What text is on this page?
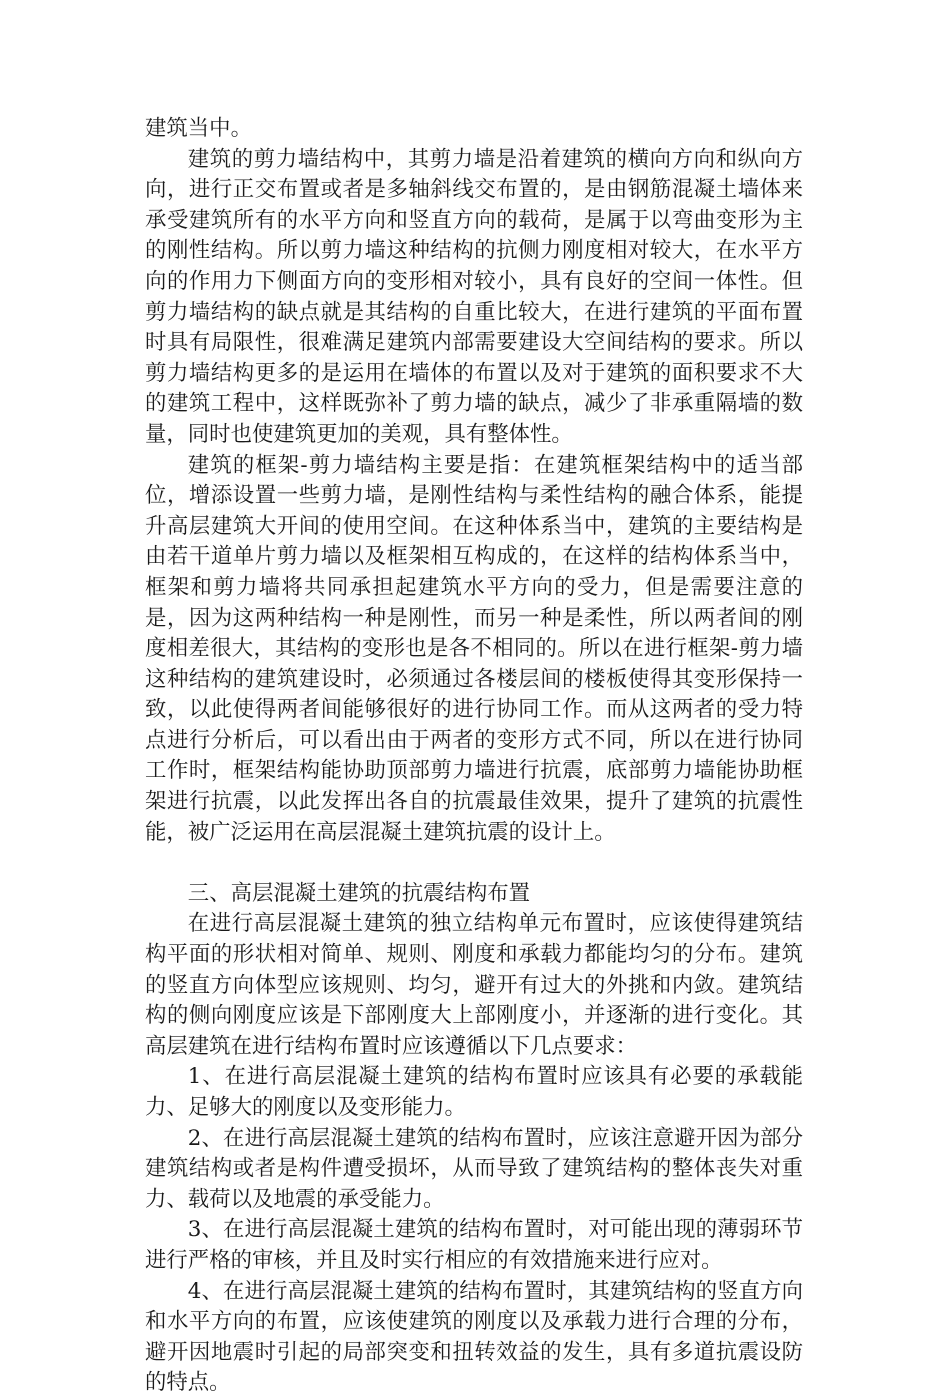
建筑当中。

建筑的剪力墙结构中，其剪力墙是沿着建筑的横向方向和纵向方向，进行正交布置或者是多轴斜线交布置的，是由钢筋混凝土墙体来承受建筑所有的水平方向和竖直方向的载荷，是属于以弯曲变形为主的刚性结构。所以剪力墙这种结构的抗侧力刚度相对较大，在水平方向的作用力下侧面方向的变形相对较小，具有良好的空间一体性。但剪力墙结构的缺点就是其结构的自重比较大，在进行建筑的平面布置时具有局限性，很难满足建筑内部需要建设大空间结构的要求。所以剪力墙结构更多的是运用在墙体的布置以及对于建筑的面积要求不大的建筑工程中，这样既弥补了剪力墙的缺点，减少了非承重隔墙的数量，同时也使建筑更加的美观，具有整体性。

建筑的框架-剪力墙结构主要是指：在建筑框架结构中的适当部位，增添设置一些剪力墙，是刚性结构与柔性结构的融合体系，能提升高层建筑大开间的使用空间。在这种体系当中，建筑的主要结构是由若干道单片剪力墙以及框架相互构成的，在这样的结构体系当中，框架和剪力墙将共同承担起建筑水平方向的受力，但是需要注意的是，因为这两种结构一种是刚性，而另一种是柔性，所以两者间的刚度相差很大，其结构的变形也是各不相同的。所以在进行框架-剪力墙这种结构的建筑建设时，必须通过各楼层间的楼板使得其变形保持一致，以此使得两者间能够很好的进行协同工作。而从这两者的受力特点进行分析后，可以看出由于两者的变形方式不同，所以在进行协同工作时，框架结构能协助顶部剪力墙进行抗震，底部剪力墙能协助框架进行抗震，以此发挥出各自的抗震最佳效果，提升了建筑的抗震性能，被广泛运用在高层混凝土建筑抗震的设计上。

三、高层混凝土建筑的抗震结构布置

在进行高层混凝土建筑的独立结构单元布置时，应该使得建筑结构平面的形状相对简单、规则、刚度和承载力都能均匀的分布。建筑的竖直方向体型应该规则、均匀，避开有过大的外挑和内敛。建筑结构的侧向刚度应该是下部刚度大上部刚度小，并逐渐的进行变化。其高层建筑在进行结构布置时应该遵循以下几点要求：

1、在进行高层混凝土建筑的结构布置时应该具有必要的承载能力、足够大的刚度以及变形能力。

2、在进行高层混凝土建筑的结构布置时，应该注意避开因为部分建筑结构或者是构件遭受损坏，从而导致了建筑结构的整体丧失对重力、载荷以及地震的承受能力。

3、在进行高层混凝土建筑的结构布置时，对可能出现的薄弱环节进行严格的审核，并且及时实行相应的有效措施来进行应对。

4、在进行高层混凝土建筑的结构布置时，其建筑结构的竖直方向和水平方向的布置，应该使建筑的刚度以及承载力进行合理的分布，避开因地震时引起的局部突变和扭转效益的发生，具有多道抗震设防的特点。
